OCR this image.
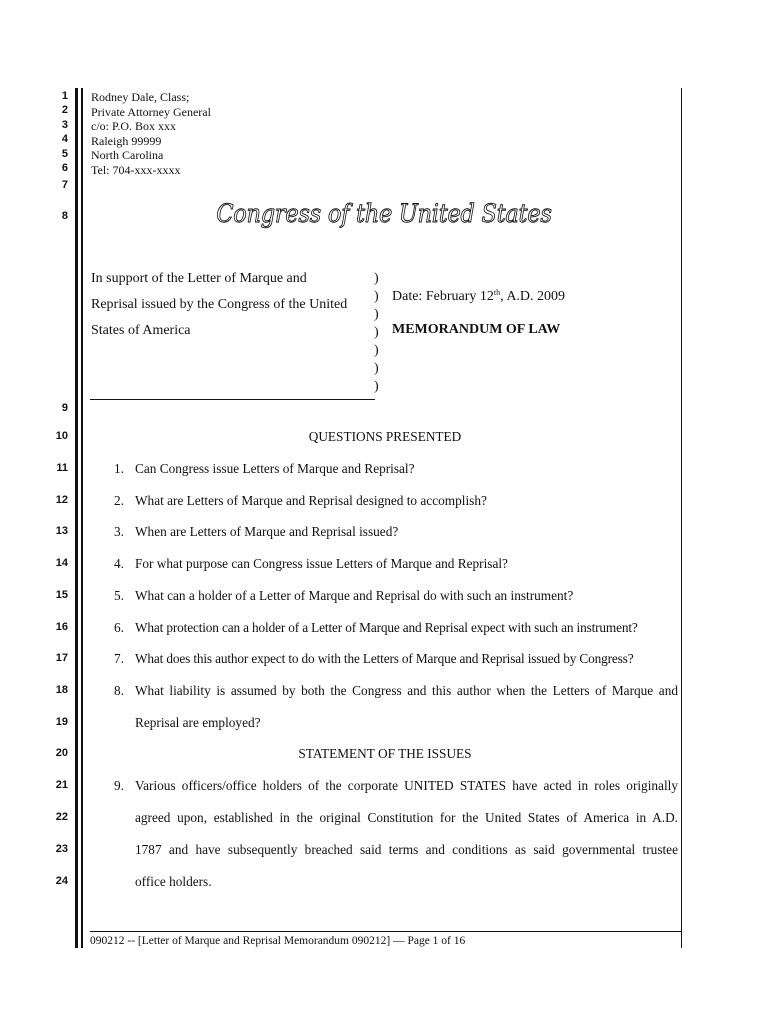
1
2
3
4
5
6
7
8
9
10
11
12
13
14
15
16
17
18
19
20
21
22
23
24
Rodney Dale, Class;
Private Attorney General
c/o: P.O. Box xxx
Raleigh 99999
North Carolina
Tel: 704-xxx-xxxx
Congress of the United States
In support of the Letter of Marque and
Reprisal issued by the Congress of the United
States of America
)
)
)
)
)
)
)
Date: February 12th, A.D. 2009
MEMORANDUM OF LAW
QUESTIONS PRESENTED
1. Can Congress issue Letters of Marque and Reprisal?
2. What are Letters of Marque and Reprisal designed to accomplish?
3. When are Letters of Marque and Reprisal issued?
4. For what purpose can Congress issue Letters of Marque and Reprisal?
5. What can a holder of a Letter of Marque and Reprisal do with such an instrument?
6. What protection can a holder of a Letter of Marque and Reprisal expect with such an instrument?
7. What does this author expect to do with the Letters of Marque and Reprisal issued by Congress?
8. What liability is assumed by both the Congress and this author when the Letters of Marque and
Reprisal are employed?
STATEMENT OF THE ISSUES
9. Various officers/office holders of the corporate UNITED STATES have acted in roles originally
agreed upon, established in the original Constitution for the United States of America in A.D.
1787 and have subsequently breached said terms and conditions as said governmental trustee
office holders.
090212 -- [Letter of Marque and Reprisal Memorandum 090212] — Page 1 of 16
